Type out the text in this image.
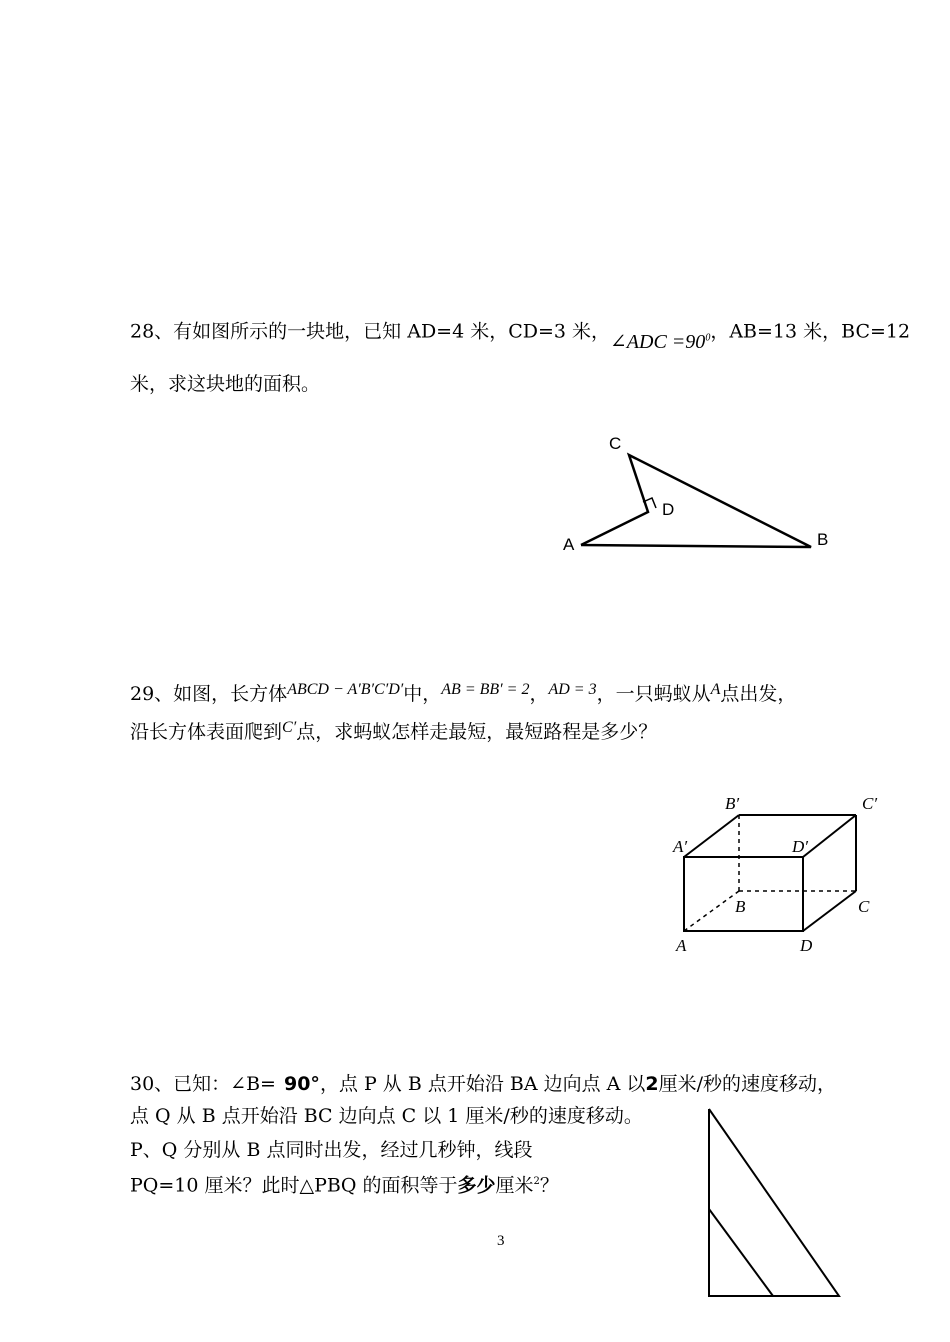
28、有如图所示的一块地，已知 AD=4 米，CD=3 米，∠ADC $=90^0$，AB=13 米，BC=12
米，求这块地的面积。
C
D
A	B
B′	C′
A′	D′
B	C
A	D
29、如图，长方体$^{ABCD - A'B'C'D'}$中，$^{AB = BB' = 2}$，$^{AD = 3}$，一只蚂蚁从$^A$点出发，
沿长方体表面爬到$^{C'}$点，求蚂蚁怎样走最短，最短路程是多少？
30、已知：∠B= 90°，点 P 从 B 点开始沿 BA 边向点 A 以2厘米/秒的速度移动，
点 Q 从 B 点开始沿 BC 边向点 C 以 1 厘米/秒的速度移动。
P、Q 分别从 B 点同时出发，经过几秒钟，线段
PQ=10 厘米？此时△PBQ 的面积等于多少厘米$^2$？
3
